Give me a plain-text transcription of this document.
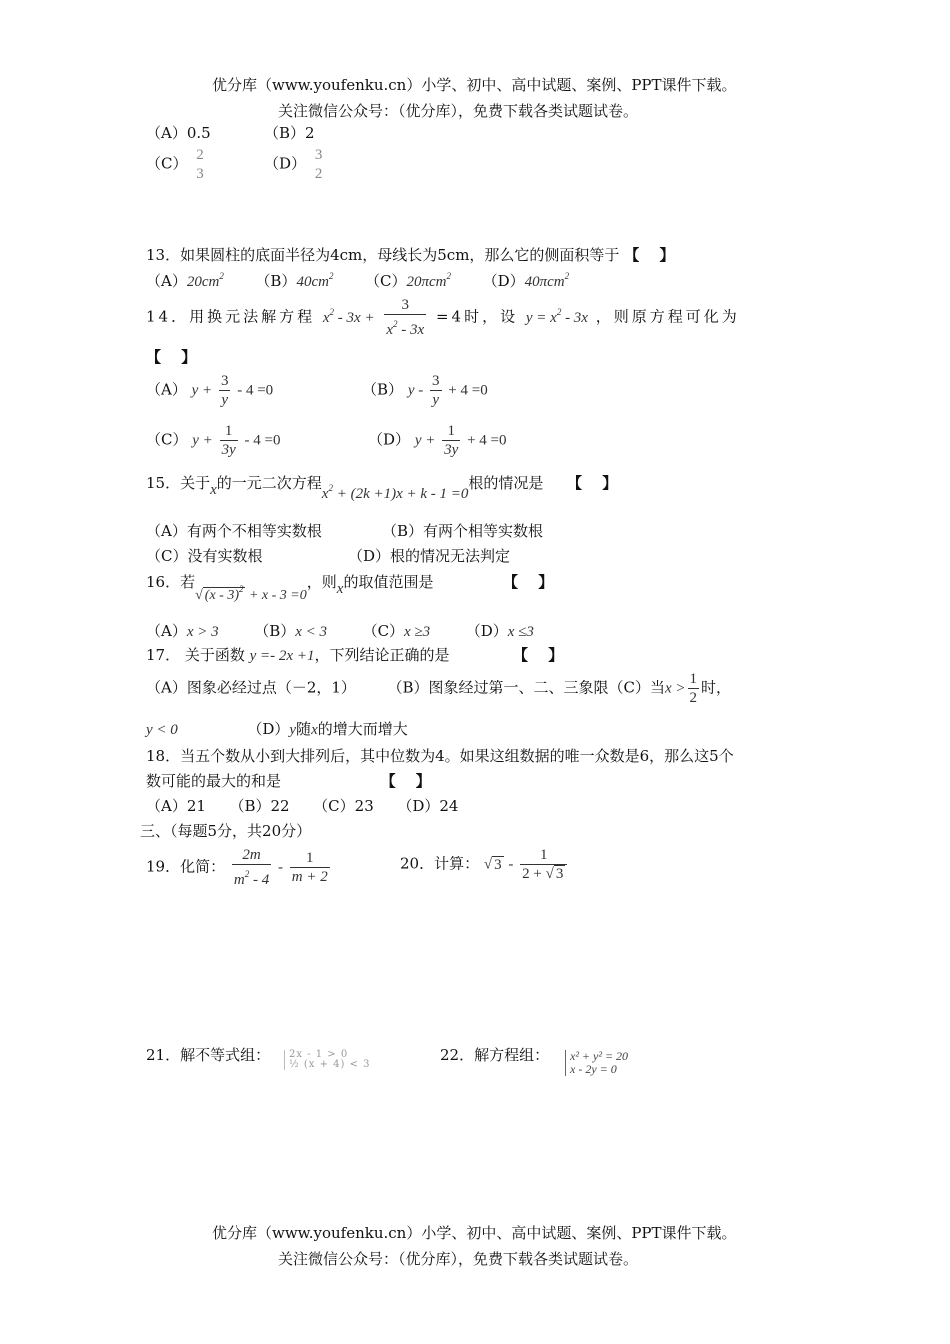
优分库（www.youfenku.cn）小学、初中、高中试题、案例、PPT课件下载。
关注微信公众号：（优分库），免费下载各类试题试卷。
（A）0.5	（B）2
$(C) \frac{2}{3}$	$(D) \frac{3}{2}$
13．如果圆柱的底面半径为4cm，母线长为5cm，那么它的侧面积等于 【　 】
$(A)20cm^2$ $(B)40cm^2$ （C）20πcm$^2$ （D）40πcm$^2$
14．用换元法解方程 $x^2 - 3x + \frac{3}{x^2 - 3x} =4$时，设 $y = x^2 - 3x$ ，则原方程可化为
【　 】
（A） $y + \frac{3}{y} - 4 =0$	（B） $y - \frac{3}{y} + 4 =0$
（C） $y + \frac{1}{3y} - 4 =0$	（D） $y + \frac{1}{3y} + 4 =0$
15．关于x的一元二次方程$x^2 + (2k +1)x + k - 1 =0$根的情况是 【　 】
（A）有两个不相等实数根	（B）有两个相等实数根
（C）没有实数根	（D）根的情况无法判定
16．若√ (x - 3)$^2$ + x - 3 =0，则x的取值范围是	【　 】
（A）x > 3 （B）x < 3 （C）x ≥3 （D）x ≤3
17． 关于函数 y =- 2x +1，下列结论正确的是	【　 】
（A）图象必经过点（－2，1） （B）图象经过第一、二、三象限（C）当$x > \frac{1}{2}$ 时，
y < 0	（D）y随x的增大而增大
18．当五个数从小到大排列后，其中位数为4。如果这组数据的唯一众数是6，那么这5个
数可能的最大的和是	【　 】
（A）21 （B）22 （C）23 （D）24
三、（每题5分，共20分）
19．化简： $\frac{2m}{m^2 - 4} - \frac{1}{m + 2}$	20．计算： √ $3 - \frac{1}{2 + √ 3}$
21．解不等式组： 2x - 1 > 0
½ (x + 4) < 3
22．解方程组： x² + y² = 20
x - 2y = 0
优分库（www.youfenku.cn）小学、初中、高中试题、案例、PPT课件下载。
关注微信公众号：（优分库），免费下载各类试题试卷。
